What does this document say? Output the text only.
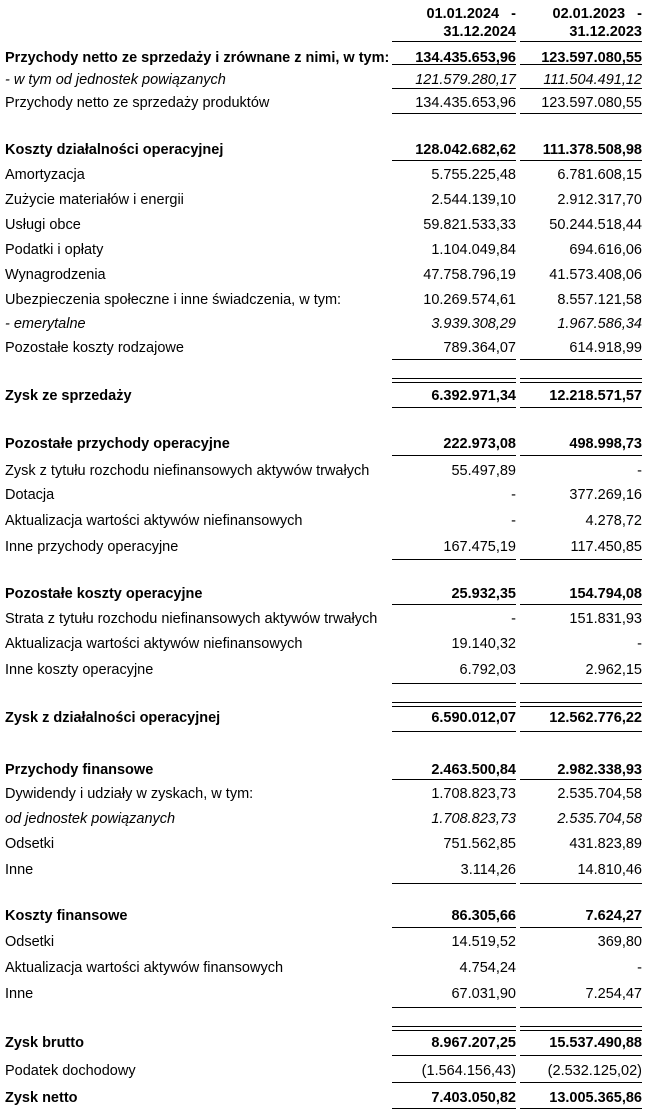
01.01.2024   -
31.12.2024
02.01.2023   -
31.12.2023
Przychody netto ze sprzedaży i zrównane z nimi, w tym:	134.435.653,96	123.597.080,55
- w tym od jednostek powiązanych	121.579.280,17	111.504.491,12
Przychody netto ze sprzedaży produktów	134.435.653,96	123.597.080,55
Koszty działalności operacyjnej	128.042.682,62	111.378.508,98
Amortyzacja	5.755.225,48	6.781.608,15
Zużycie materiałów i energii	2.544.139,10	2.912.317,70
Usługi obce	59.821.533,33	50.244.518,44
Podatki i opłaty	1.104.049,84	694.616,06
Wynagrodzenia	47.758.796,19	41.573.408,06
Ubezpieczenia społeczne i inne świadczenia, w tym:	10.269.574,61	8.557.121,58
- emerytalne	3.939.308,29	1.967.586,34
Pozostałe koszty rodzajowe	789.364,07	614.918,99
Zysk ze sprzedaży	6.392.971,34	12.218.571,57
Pozostałe przychody operacyjne	222.973,08	498.998,73
Zysk z tytułu rozchodu niefinansowych aktywów trwałych	55.497,89	-
Dotacja	-	377.269,16
Aktualizacja wartości aktywów niefinansowych	-	4.278,72
Inne przychody operacyjne	167.475,19	117.450,85
Pozostałe koszty operacyjne	25.932,35	154.794,08
Strata z tytułu rozchodu niefinansowych aktywów trwałych	-	151.831,93
Aktualizacja wartości aktywów niefinansowych	19.140,32	-
Inne koszty operacyjne	6.792,03	2.962,15
Zysk z działalności operacyjnej	6.590.012,07	12.562.776,22
Przychody finansowe	2.463.500,84	2.982.338,93
Dywidendy i udziały w zyskach, w tym:	1.708.823,73	2.535.704,58
od jednostek powiązanych	1.708.823,73	2.535.704,58
Odsetki	751.562,85	431.823,89
Inne	3.114,26	14.810,46
Koszty finansowe	86.305,66	7.624,27
Odsetki	14.519,52	369,80
Aktualizacja wartości aktywów finansowych	4.754,24	-
Inne	67.031,90	7.254,47
Zysk brutto	8.967.207,25	15.537.490,88
Podatek dochodowy	(1.564.156,43)	(2.532.125,02)
Zysk netto	7.403.050,82	13.005.365,86
